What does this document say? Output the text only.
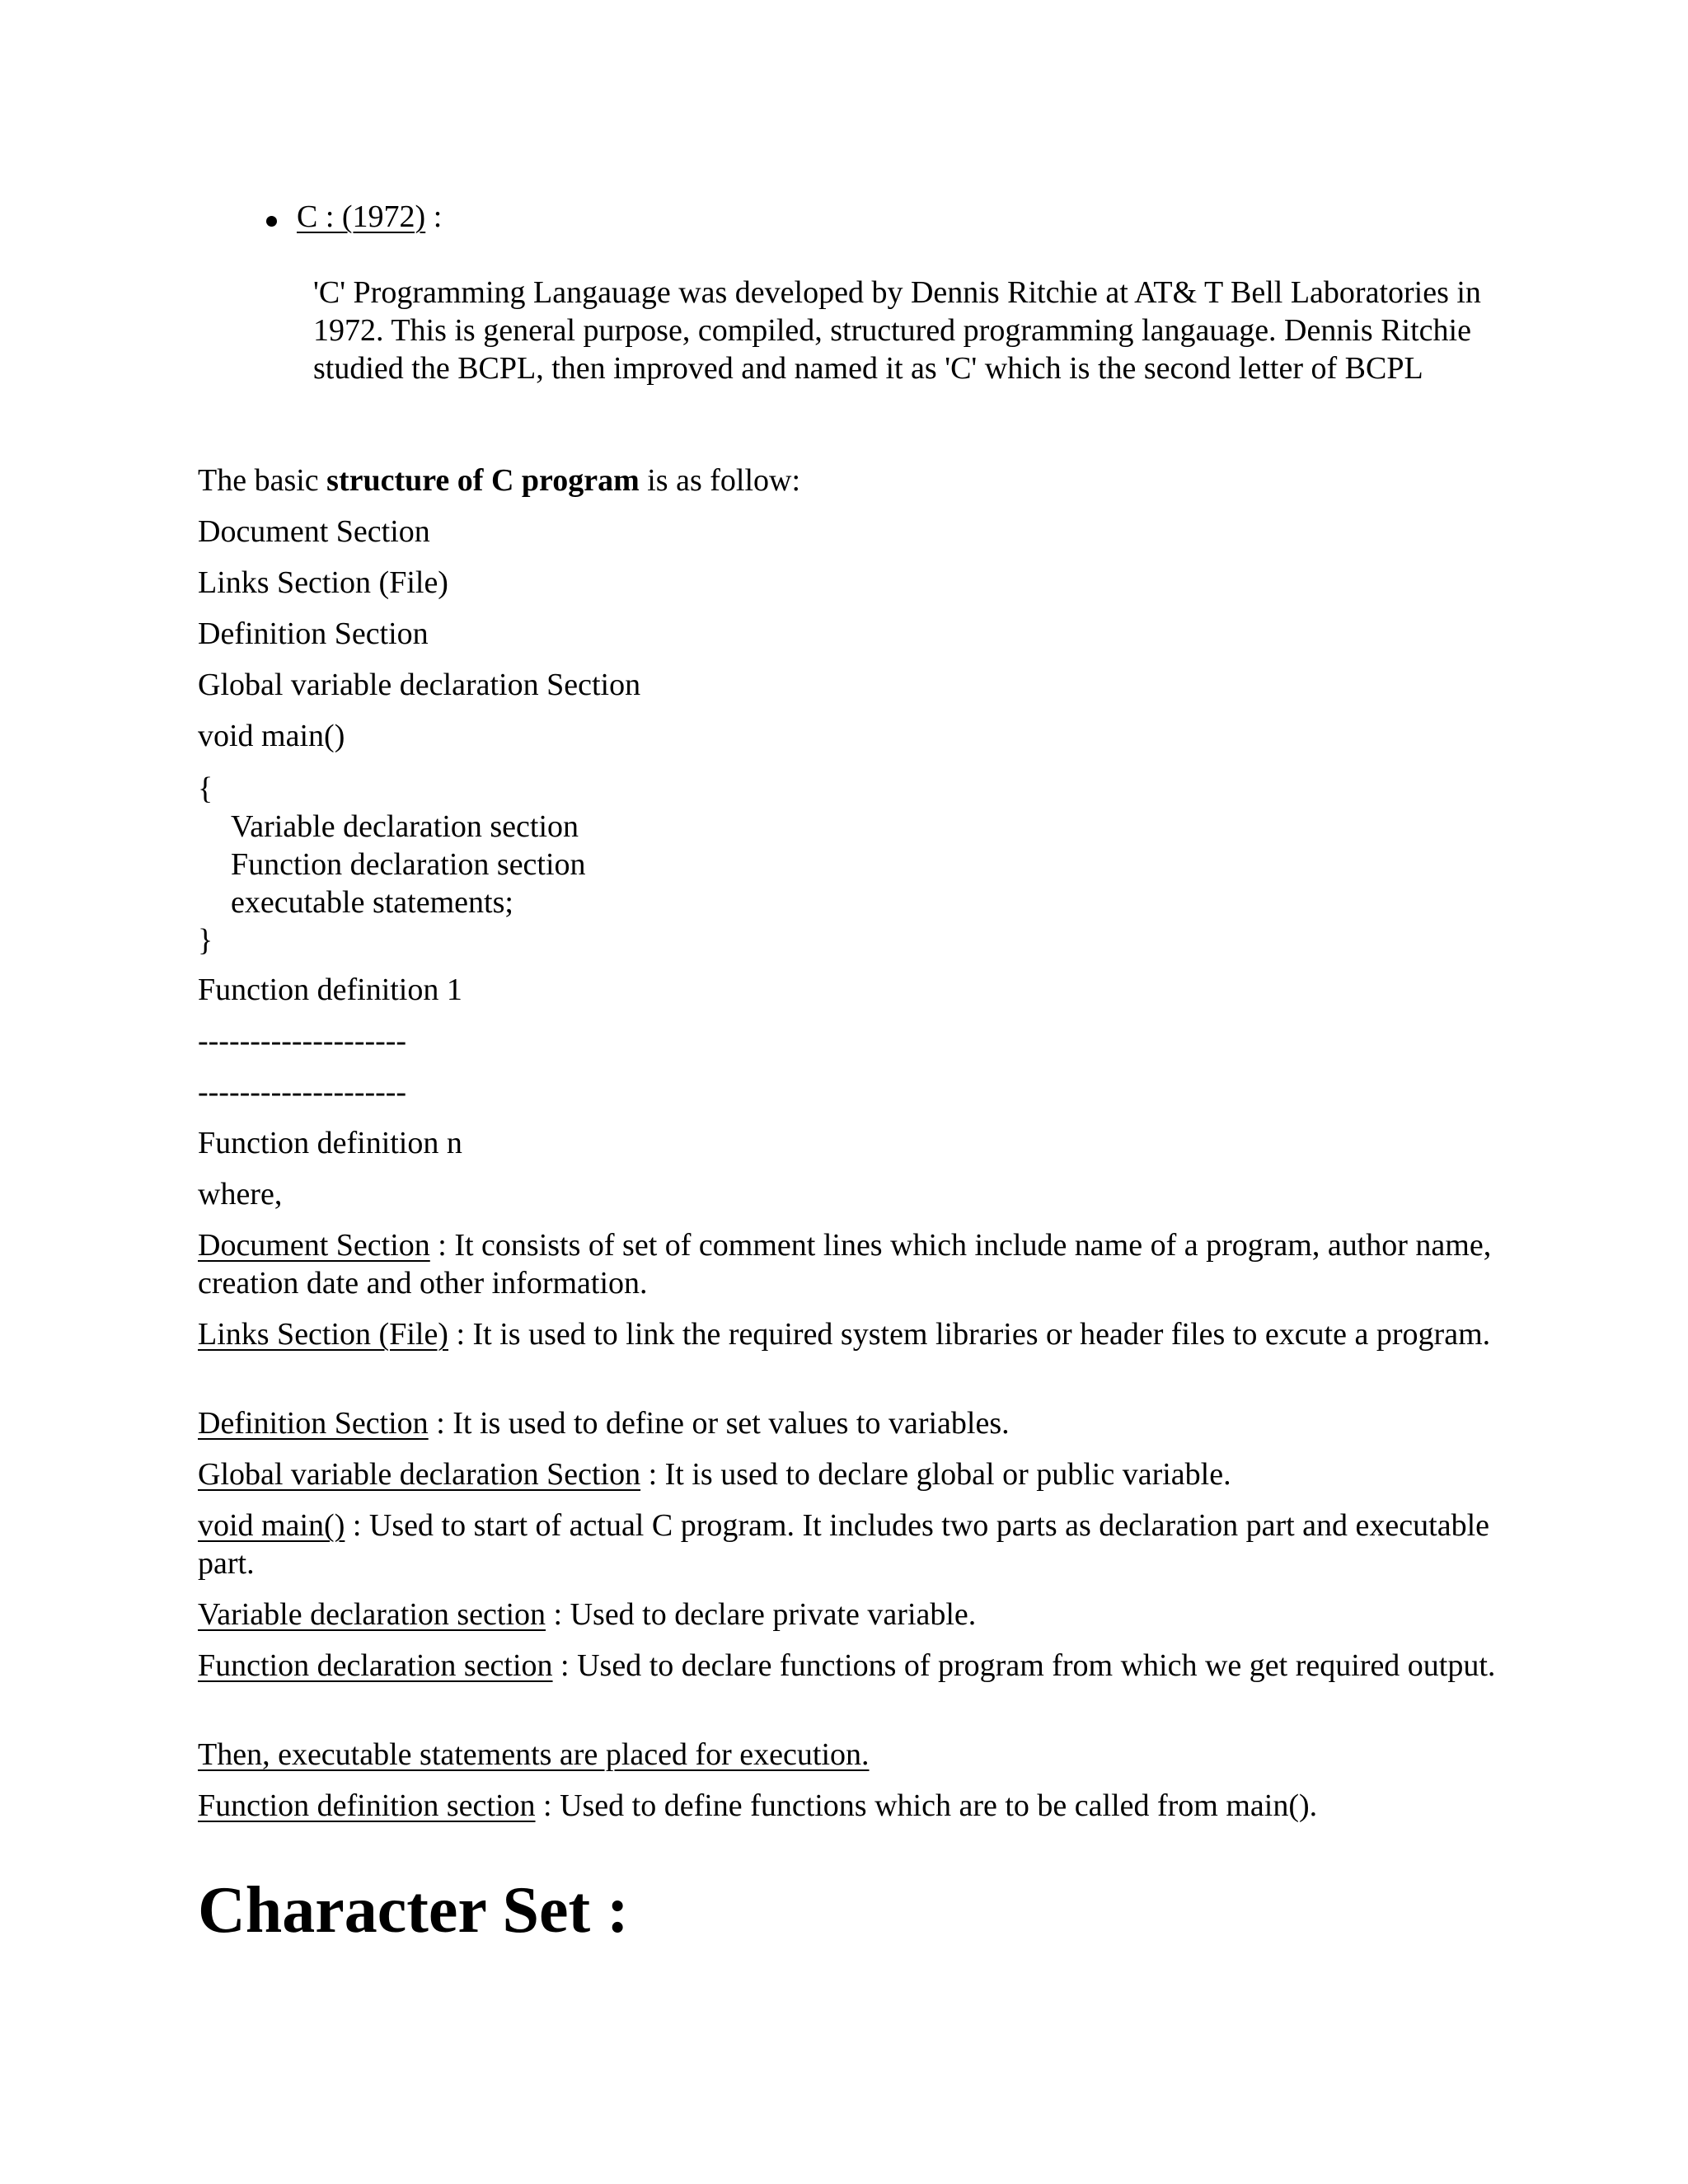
C : (1972) :

'C' Programming Langauage was developed by Dennis Ritchie at AT& T Bell Laboratories in 1972. This is general purpose, compiled, structured programming langauage. Dennis Ritchie studied the BCPL, then improved and named it as 'C' which is the second letter of BCPL

The basic structure of C program is as follow:

Document Section

Links Section (File)

Definition Section

Global variable declaration Section

void main()

{

Variable declaration section

Function declaration section

executable statements;

}

Function definition 1

--------------------

--------------------

Function definition n

where,

Document Section : It consists of set of comment lines which include name of a program, author name, creation date and other information.

Links Section (File) : It is used to link the required system libraries or header files to excute a program.

Definition Section : It is used to define or set values to variables.

Global variable declaration Section : It is used to declare global or public variable.

void main() : Used to start of actual C program. It includes two parts as declaration part and executable part.

Variable declaration section : Used to declare private variable.

Function declaration section : Used to declare functions of program from which we get required output.

Then, executable statements are placed for execution.

Function definition section : Used to define functions which are to be called from main().

Character Set :
